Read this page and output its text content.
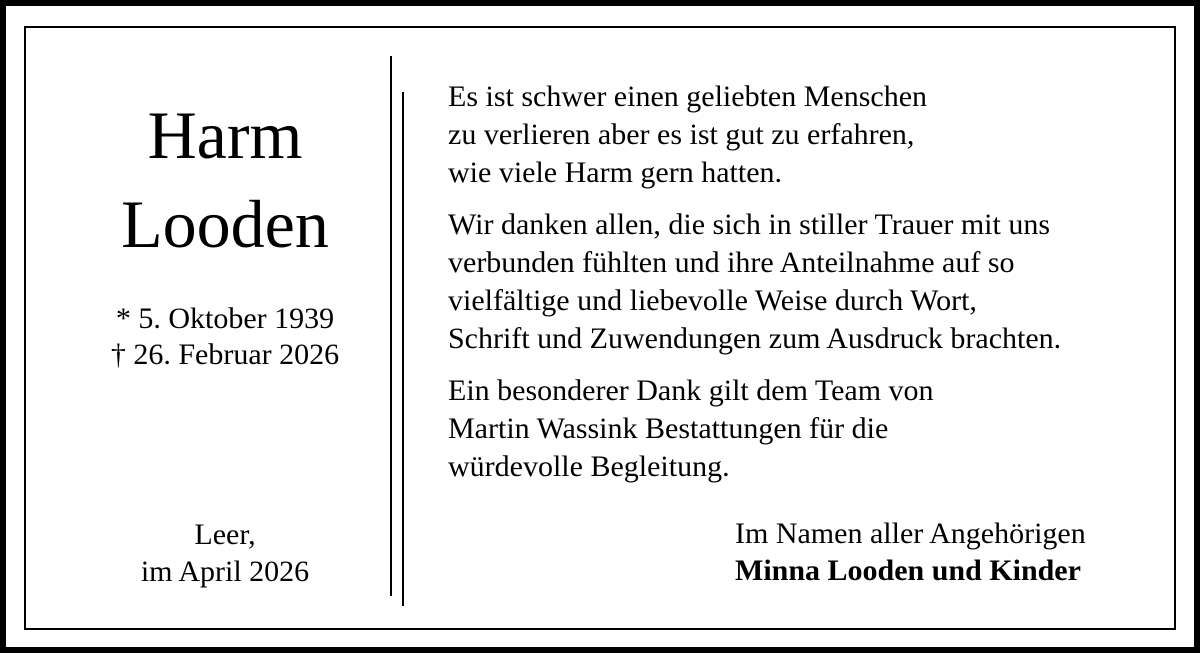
Harm
Looden
* 5. Oktober 1939
† 26. Februar 2026
Leer,
im April 2026
Es ist schwer einen geliebten Menschen
zu verlieren aber es ist gut zu erfahren,
wie viele Harm gern hatten.
Wir danken allen, die sich in stiller Trauer mit uns
verbunden fühlten und ihre Anteilnahme auf so
vielfältige und liebevolle Weise durch Wort,
Schrift und Zuwendungen zum Ausdruck brachten.
Ein besonderer Dank gilt dem Team von
Martin Wassink Bestattungen für die
würdevolle Begleitung.
Im Namen aller Angehörigen
Minna Looden und Kinder
